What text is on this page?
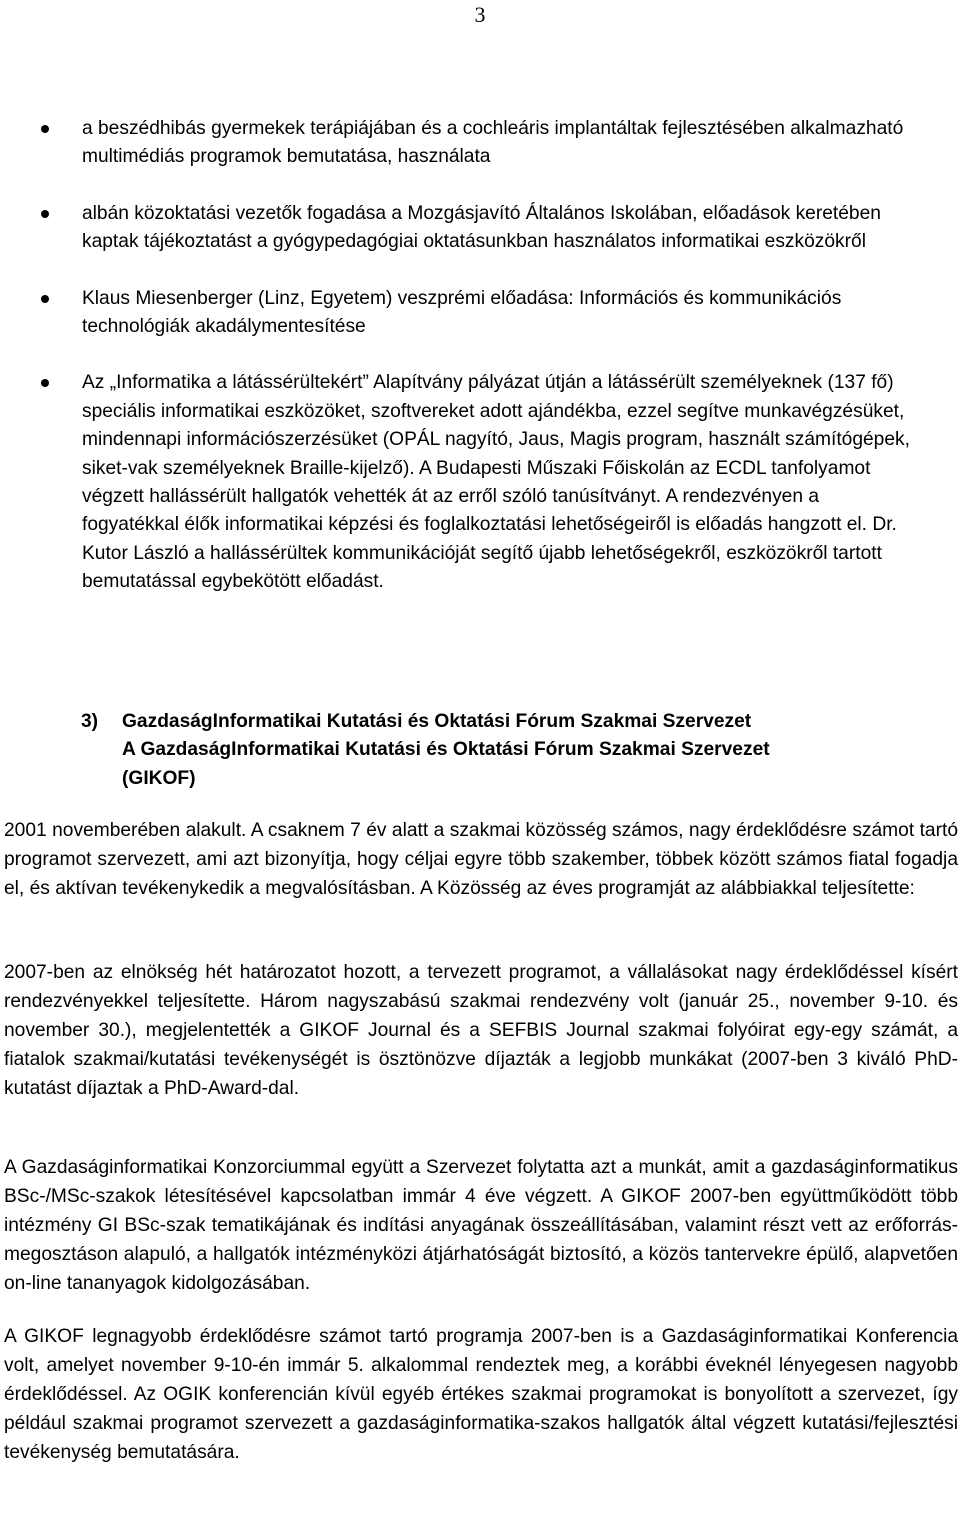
3
a beszédhibás gyermekek terápiájában és a cochleáris implantáltak fejlesztésében alkalmazható multimédiás programok bemutatása, használata
albán közoktatási vezetők fogadása a Mozgásjavító Általános Iskolában, előadások keretében kaptak tájékoztatást a gyógypedagógiai oktatásunkban használatos informatikai eszközökről
Klaus Miesenberger (Linz, Egyetem) veszprémi előadása: Információs és kommunikációs technológiák akadálymentesítése
Az „Informatika a látássérültekért” Alapítvány pályázat útján a látássérült személyeknek (137 fő) speciális informatikai eszközöket, szoftvereket adott ajándékba, ezzel segítve munkavégzésüket, mindennapi információszerzésüket (OPÁL nagyító, Jaus, Magis program, használt számítógépek, siket-vak személyeknek Braille-kijelző). A Budapesti Műszaki Főiskolán az ECDL tanfolyamot végzett hallássérült hallgatók vehették át az erről szóló tanúsítványt. A rendezvényen a fogyatékkal élők informatikai képzési és foglalkoztatási lehetőségeiről is előadás hangzott el. Dr. Kutor László a hallássérültek kommunikációját segítő újabb lehetőségekről, eszközökről tartott bemutatással egybekötött előadást.
3) GazdaságInformatikai Kutatási és Oktatási Fórum Szakmai Szervezet
A GazdaságInformatikai Kutatási és Oktatási Fórum Szakmai Szervezet
(GIKOF)

2001 novemberében alakult. A csaknem 7 év alatt a szakmai közösség számos, nagy érdeklődésre számot tartó programot szervezett, ami azt bizonyítja, hogy céljai egyre több szakember, többek között számos fiatal fogadja el, és aktívan tevékenykedik a megvalósításban. A Közösség az éves programját az alábbiakkal teljesítette:

2007-ben az elnökség hét határozatot hozott, a tervezett programot, a vállalásokat nagy érdeklődéssel kísért rendezvényekkel teljesítette. Három nagyszabású szakmai rendezvény volt (január 25., november 9-10. és november 30.), megjelentették a GIKOF Journal és a SEFBIS Journal szakmai folyóirat egy-egy számát, a fiatalok szakmai/kutatási tevékenységét is ösztönözve díjazták a legjobb munkákat (2007-ben 3 kiváló PhD-kutatást díjaztak a PhD-Award-dal.

A Gazdaságinformatikai Konzorciummal együtt a Szervezet folytatta azt a munkát, amit a gazdaságinformatikus BSc-/MSc-szakok létesítésével kapcsolatban immár 4 éve végzett. A GIKOF 2007-ben együttműködött több intézmény GI BSc-szak tematikájának és indítási anyagának összeállításában, valamint részt vett az erőforrás-megosztáson alapuló, a hallgatók intézményközi átjárhatóságát biztosító, a közös tantervekre épülő, alapvetően on-line tananyagok kidolgozásában.

A GIKOF legnagyobb érdeklődésre számot tartó programja 2007-ben is a Gazdaságinformatikai Konferencia volt, amelyet november 9-10-én immár 5. alkalommal rendeztek meg, a korábbi éveknél lényegesen nagyobb érdeklődéssel. Az OGIK konferencián kívül egyéb értékes szakmai programokat is bonyolított a szervezet, így például szakmai programot szervezett a gazdaságinformatika-szakos hallgatók által végzett kutatási/fejlesztési tevékenység bemutatására.
